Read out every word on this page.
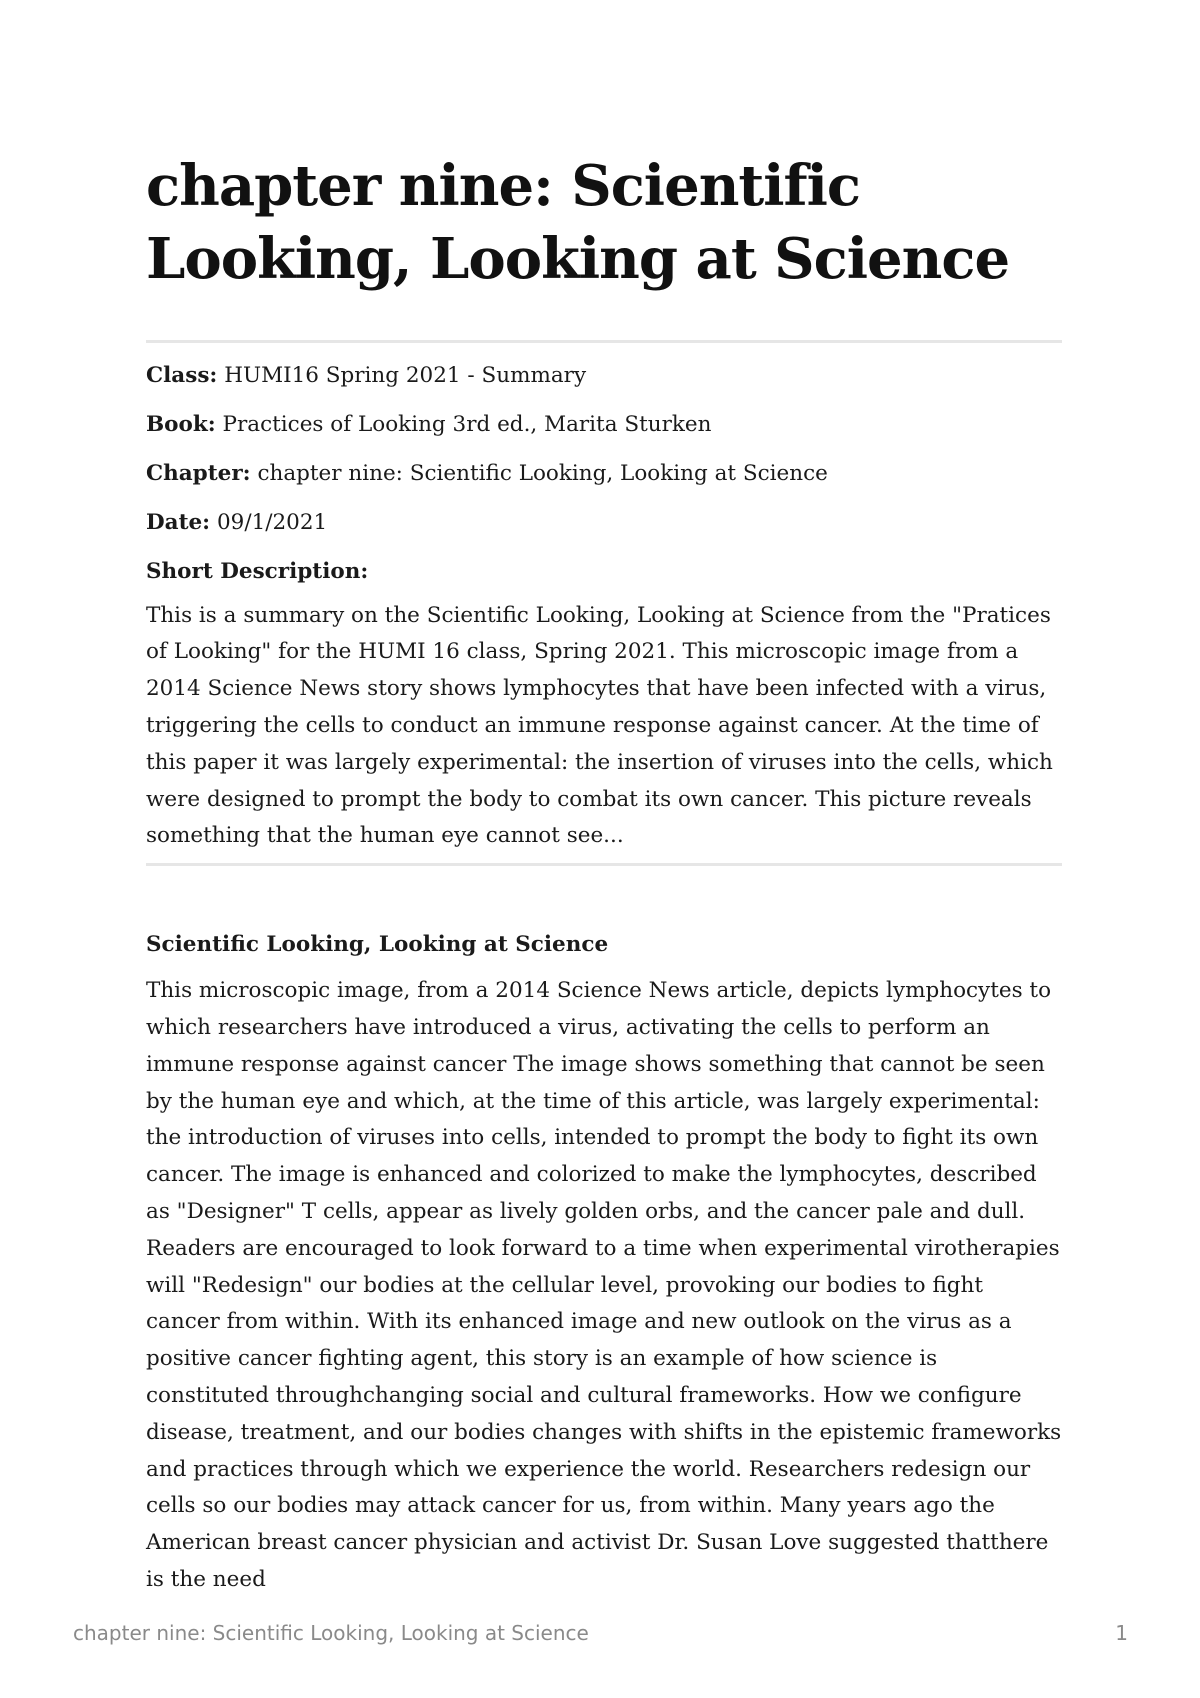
chapter nine: Scientific Looking, Looking at Science
Class: HUMI16 Spring 2021 - Summary
Book: Practices of Looking 3rd ed., Marita Sturken
Chapter: chapter nine: Scientific Looking, Looking at Science
Date: 09/1/2021
Short Description:

This is a summary on the Scientific Looking, Looking at Science from the "Pratices of Looking" for the HUMI 16 class, Spring 2021. This microscopic image from a 2014 Science News story shows lymphocytes that have been infected with a virus, triggering the cells to conduct an immune response against cancer. At the time of this paper it was largely experimental: the insertion of viruses into the cells, which were designed to prompt the body to combat its own cancer. This picture reveals something that the human eye cannot see...

Scientific Looking, Looking at Science

This microscopic image, from a 2014 Science News article, depicts lymphocytes to which researchers have introduced a virus, activating the cells to perform an immune response against cancer The image shows something that cannot be seen by the human eye and which, at the time of this article, was largely experimental: the introduction of viruses into cells, intended to prompt the body to fight its own cancer. The image is enhanced and colorized to make the lymphocytes, described as "Designer" T cells, appear as lively golden orbs, and the cancer pale and dull. Readers are encouraged to look forward to a time when experimental virotherapies will "Redesign" our bodies at the cellular level, provoking our bodies to fight cancer from within. With its enhanced image and new outlook on the virus as a positive cancer fighting agent, this story is an example of how science is constituted throughchanging social and cultural frameworks. How we configure disease, treatment, and our bodies changes with shifts in the epistemic frameworks and practices through which we experience the world. Researchers redesign our cells so our bodies may attack cancer for us, from within. Many years ago the American breast cancer physician and activist Dr. Susan Love suggested thatthere is the need

chapter nine: Scientific Looking, Looking at Science	1
